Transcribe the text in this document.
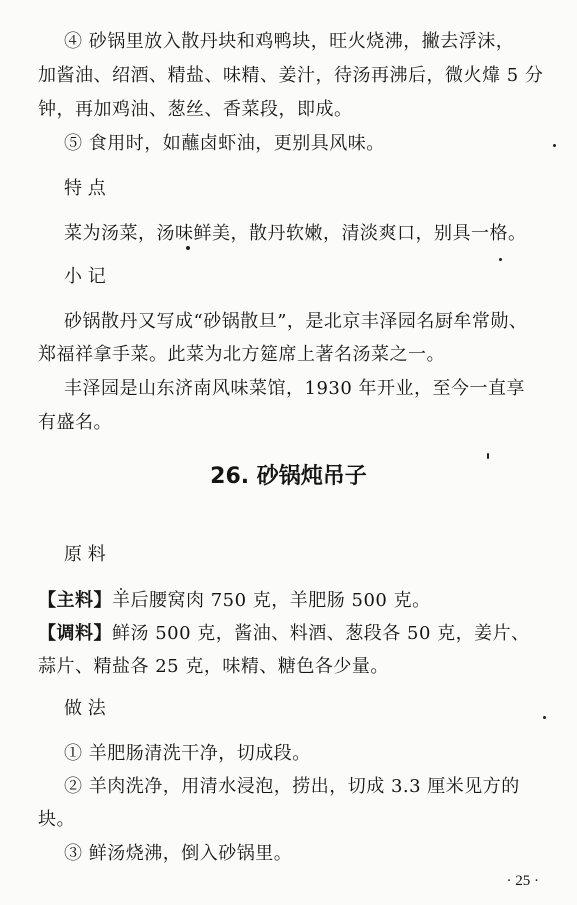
④ 砂锅里放入散丹块和鸡鸭块，旺火烧沸，撇去浮沫，
加酱油、绍酒、精盐、味精、姜汁，待汤再沸后，微火㸆 5 分
钟，再加鸡油、葱丝、香菜段，即成。
⑤ 食用时，如蘸卤虾油，更别具风味。
特 点
菜为汤菜，汤味鲜美，散丹软嫩，清淡爽口，别具一格。
小 记
砂锅散丹又写成“砂锅散旦”，是北京丰泽园名厨牟常勋、
郑福祥拿手菜。此菜为北方筵席上著名汤菜之一。
丰泽园是山东济南风味菜馆，1930 年开业，至今一直享
有盛名。
26. 砂锅炖吊子
原 料
【主料】羊后腰窝肉 750 克，羊肥肠 500 克。
【调料】鲜汤 500 克，酱油、料酒、葱段各 50 克，姜片、
蒜片、精盐各 25 克，味精、糖色各少量。
做 法
① 羊肥肠清洗干净，切成段。
② 羊肉洗净，用清水浸泡，捞出，切成 3.3 厘米见方的
块。
③ 鲜汤烧沸，倒入砂锅里。
· 25 ·
